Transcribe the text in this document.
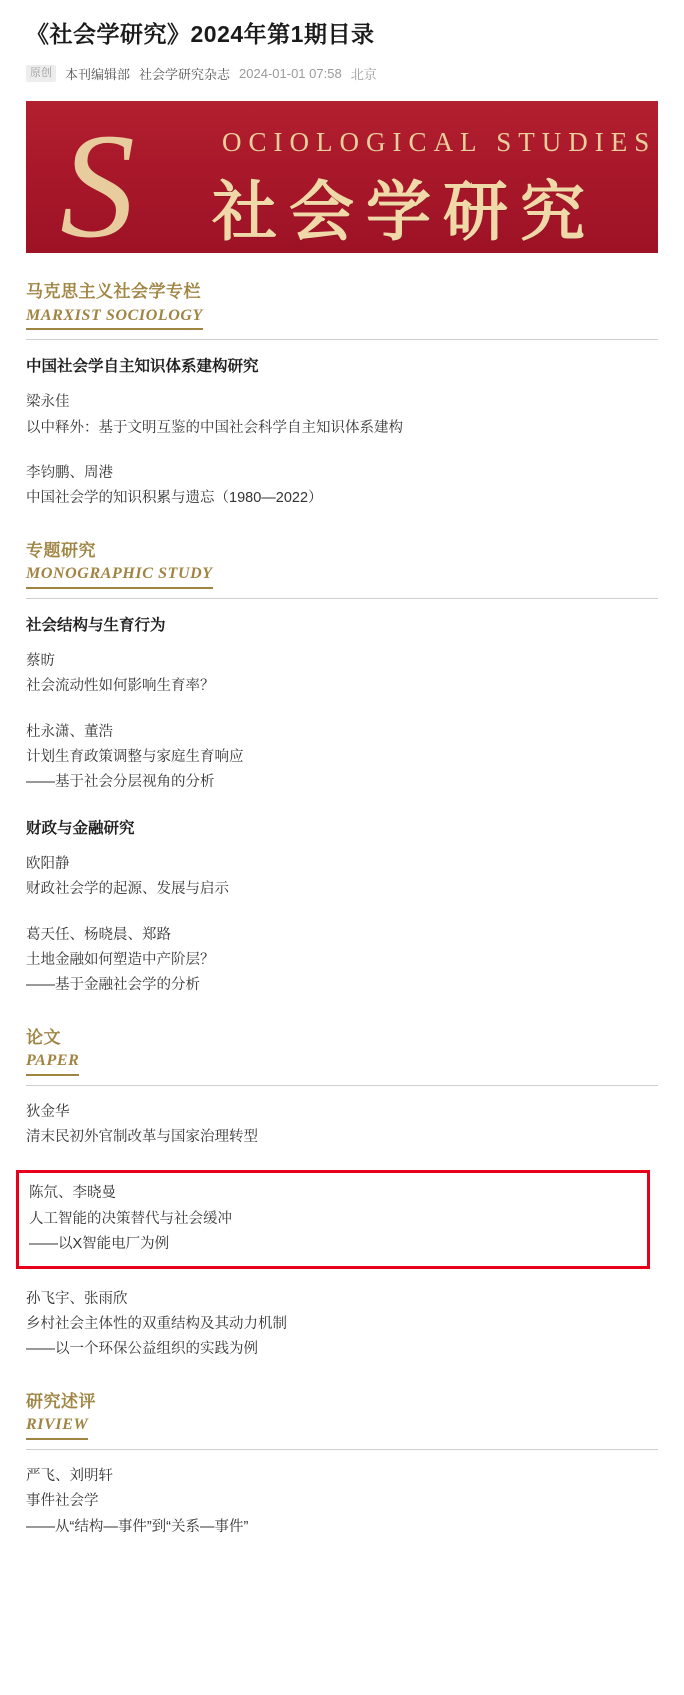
《社会学研究》2024年第1期目录
原创	本刊编辑部 社会学研究杂志 2024-01-01 07:58 北京
S	OCIOLOGICAL STUDIES
社会学研究
马克思主义社会学专栏
MARXIST SOCIOLOGY
中国社会学自主知识体系建构研究
梁永佳
以中释外：基于文明互鉴的中国社会科学自主知识体系建构
李钧鹏、周港
中国社会学的知识积累与遗忘（1980—2022）
专题研究
MONOGRAPHIC STUDY
社会结构与生育行为
蔡昉
社会流动性如何影响生育率？
杜永潇、董浩
计划生育政策调整与家庭生育响应
——基于社会分层视角的分析
财政与金融研究
欧阳静
财政社会学的起源、发展与启示
葛天任、杨晓晨、郑路
土地金融如何塑造中产阶层？
——基于金融社会学的分析
论文
PAPER
狄金华
清末民初外官制改革与国家治理转型
陈氘、李晓曼
人工智能的决策替代与社会缓冲
——以X智能电厂为例
孙飞宇、张雨欣
乡村社会主体性的双重结构及其动力机制
——以一个环保公益组织的实践为例
研究述评
RIVIEW
严飞、刘明轩
事件社会学
——从“结构—事件”到“关系—事件”
